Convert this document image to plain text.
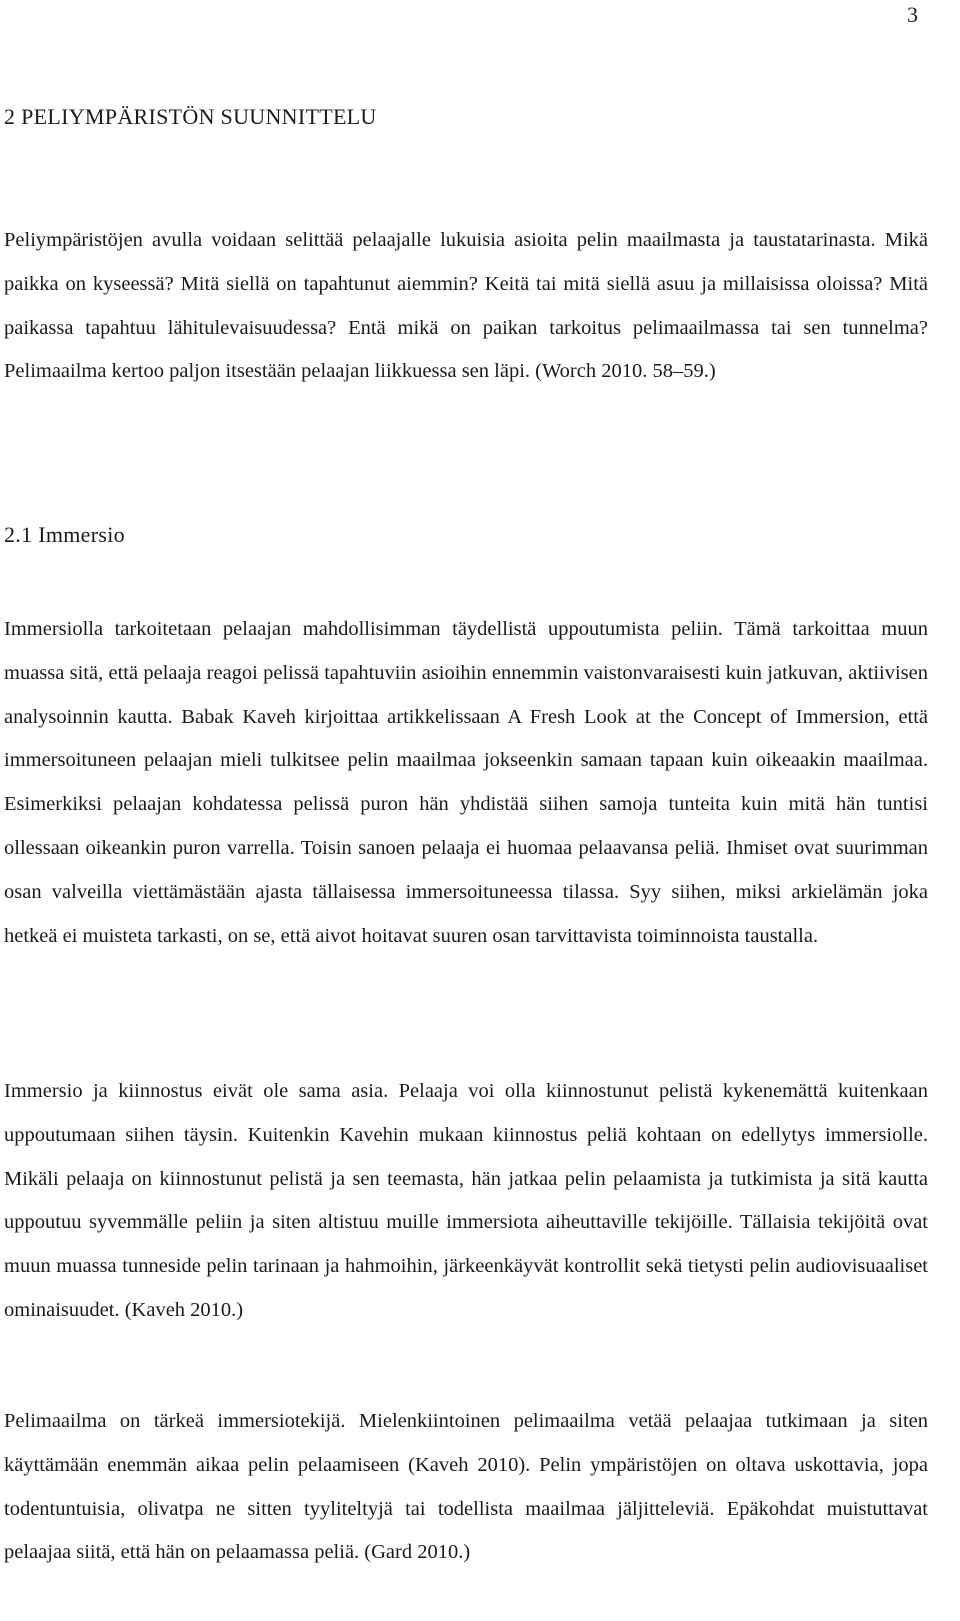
3
2 PELIYMPÄRISTÖN SUUNNITTELU

Peliympäristöjen avulla voidaan selittää pelaajalle lukuisia asioita pelin maailmasta ja taustatarinasta. Mikä paikka on kyseessä? Mitä siellä on tapahtunut aiemmin? Keitä tai mitä siellä asuu ja millaisissa oloissa? Mitä paikassa tapahtuu lähitulevaisuudessa? Entä mikä on paikan tarkoitus pelimaailmassa tai sen tunnelma? Pelimaailma kertoo paljon itsestään pelaajan liikkuessa sen läpi. (Worch 2010. 58–59.)

2.1 Immersio

Immersiolla tarkoitetaan pelaajan mahdollisimman täydellistä uppoutumista peliin. Tämä tarkoittaa muun muassa sitä, että pelaaja reagoi pelissä tapahtuviin asioihin ennemmin vaistonvaraisesti kuin jatkuvan, aktiivisen analysoinnin kautta. Babak Kaveh kirjoittaa artikkelissaan A Fresh Look at the Concept of Immersion, että immersoituneen pelaajan mieli tulkitsee pelin maailmaa jokseenkin samaan tapaan kuin oikeaakin maailmaa. Esimerkiksi pelaajan kohdatessa pelissä puron hän yhdistää siihen samoja tunteita kuin mitä hän tuntisi ollessaan oikeankin puron varrella. Toisin sanoen pelaaja ei huomaa pelaavansa peliä. Ihmiset ovat suurimman osan valveilla viettämästään ajasta tällaisessa immersoituneessa tilassa. Syy siihen, miksi arkielämän joka hetkeä ei muisteta tarkasti, on se, että aivot hoitavat suuren osan tarvittavista toiminnoista taustalla.

Immersio ja kiinnostus eivät ole sama asia. Pelaaja voi olla kiinnostunut pelistä kykenemättä kuitenkaan uppoutumaan siihen täysin. Kuitenkin Kavehin mukaan kiinnostus peliä kohtaan on edellytys immersiolle. Mikäli pelaaja on kiinnostunut pelistä ja sen teemasta, hän jatkaa pelin pelaamista ja tutkimista ja sitä kautta uppoutuu syvemmälle peliin ja siten altistuu muille immersiota aiheuttaville tekijöille. Tällaisia tekijöitä ovat muun muassa tunneside pelin tarinaan ja hahmoihin, järkeenkäyvät kontrollit sekä tietysti pelin audiovisuaaliset ominaisuudet. (Kaveh 2010.)

Pelimaailma on tärkeä immersiotekijä. Mielenkiintoinen pelimaailma vetää pelaajaa tutkimaan ja siten käyttämään enemmän aikaa pelin pelaamiseen (Kaveh 2010). Pelin ympäristöjen on oltava uskottavia, jopa todentuntuisia, olivatpa ne sitten tyyliteltyjä tai todellista maailmaa jäljitteleviä. Epäkohdat muistuttavat pelaajaa siitä, että hän on pelaamassa peliä. (Gard 2010.)
